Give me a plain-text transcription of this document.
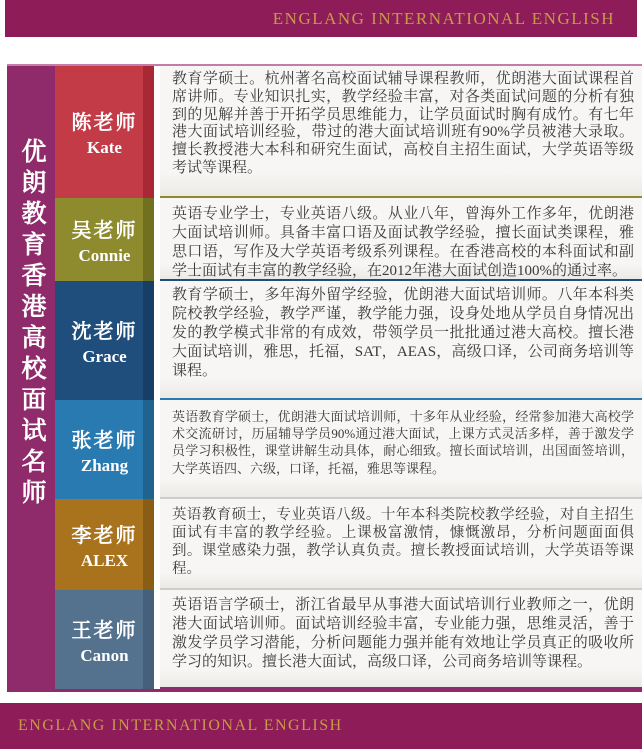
ENGLANG INTERNATIONAL ENGLISH
优朗教育香港高校面试名师
陈老师
Kate
教育学硕士。杭州著名高校面试辅导课程教师，优朗港大面试课程首席讲师。专业知识扎实，教学经验丰富，对各类面试问题的分析有独到的见解并善于开拓学员思维能力，让学员面试时胸有成竹。有七年港大面试培训经验，带过的港大面试培训班有90%学员被港大录取。擅长教授港大本科和研究生面试，高校自主招生面试，大学英语等级考试等课程。
吴老师
Connie
英语专业学士，专业英语八级。从业八年，曾海外工作多年，优朗港大面试培训师。具备丰富口语及面试教学经验，擅长面试类课程，雅思口语，写作及大学英语考级系列课程。在香港高校的本科面试和副学士面试有丰富的教学经验，在2012年港大面试创造100%的通过率。
沈老师
Grace
教育学硕士，多年海外留学经验，优朗港大面试培训师。八年本科类院校教学经验，教学严谨，教学能力强，设身处地从学员自身情况出发的教学模式非常的有成效，带领学员一批批通过港大高校。擅长港大面试培训，雅思，托福，SAT，AEAS，高级口译，公司商务培训等课程。
张老师
Zhang
英语教育学硕士，优朗港大面试培训师，十多年从业经验，经常参加港大高校学术交流研讨，历届辅导学员90%通过港大面试，上课方式灵活多样，善于激发学员学习积极性，课堂讲解生动具体，耐心细致。擅长面试培训，出国面签培训，大学英语四、六级，口译，托福，雅思等课程。
李老师
ALEX
英语教育硕士，专业英语八级。十年本科类院校教学经验，对自主招生面试有丰富的教学经验。上课极富激情，慷慨激昂，分析问题面面俱到。课堂感染力强，教学认真负责。擅长教授面试培训，大学英语等课程。
王老师
Canon
英语语言学硕士，浙江省最早从事港大面试培训行业教师之一，优朗港大面试培训师。面试培训经验丰富，专业能力强，思维灵活，善于激发学员学习潜能，分析问题能力强并能有效地让学员真正的吸收所学习的知识。擅长港大面试，高级口译，公司商务培训等课程。
ENGLANG INTERNATIONAL ENGLISH
